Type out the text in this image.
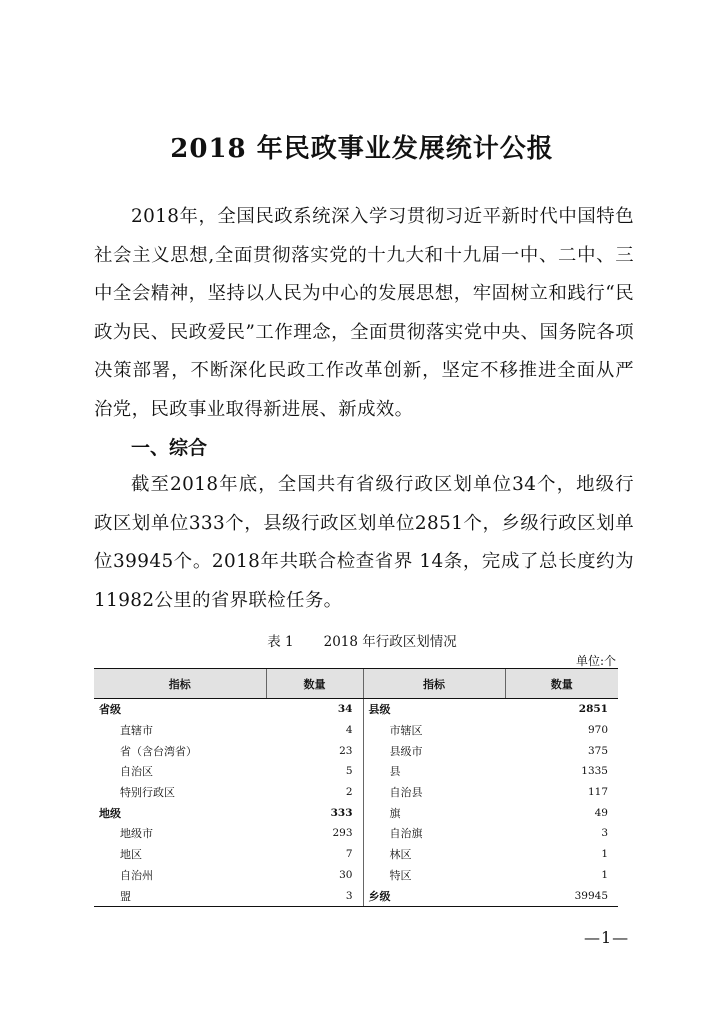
2018 年民政事业发展统计公报

2018年，全国民政系统深入学习贯彻习近平新时代中国特色社会主义思想,全面贯彻落实党的十九大和十九届一中、二中、三中全会精神，坚持以人民为中心的发展思想，牢固树立和践行“民政为民、民政爱民”工作理念，全面贯彻落实党中央、国务院各项决策部署，不断深化民政工作改革创新，坚定不移推进全面从严治党，民政事业取得新进展、新成效。

一、综合

截至2018年底，全国共有省级行政区划单位34个，地级行政区划单位333个，县级行政区划单位2851个，乡级行政区划单位39945个。2018年共联合检查省界 14条，完成了总长度约为11982公里的省界联检任务。

表 1 2018 年行政区划情况
单位:个
指标	数量	指标	数量
省级	34	县级	2851
直辖市	4	市辖区	970
省（含台湾省）	23	县级市	375
自治区	5	县	1335
特别行政区	2	自治县	117
地级	333	旗	49
地级市	293	自治旗	3
地区	7	林区	1
自治州	30	特区	1
盟	3	乡级	39945
—1—
